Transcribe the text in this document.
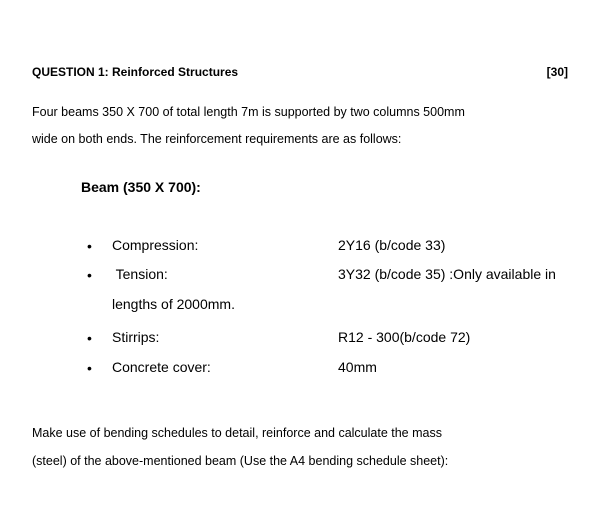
QUESTION 1: Reinforced Structures	[30]
Four beams 350 X 700 of total length 7m is supported by two columns 500mm
wide on both ends. The reinforcement requirements are as follows:
Beam (350 X 700):
• Compression:	2Y16 (b/code 33)
• Tension:	3Y32 (b/code 35) :Only available in
lengths of 2000mm.
• Stirrips:	R12 - 300(b/code 72)
• Concrete cover:	40mm
Make use of bending schedules to detail, reinforce and calculate the mass
(steel) of the above-mentioned beam (Use the A4 bending schedule sheet):
